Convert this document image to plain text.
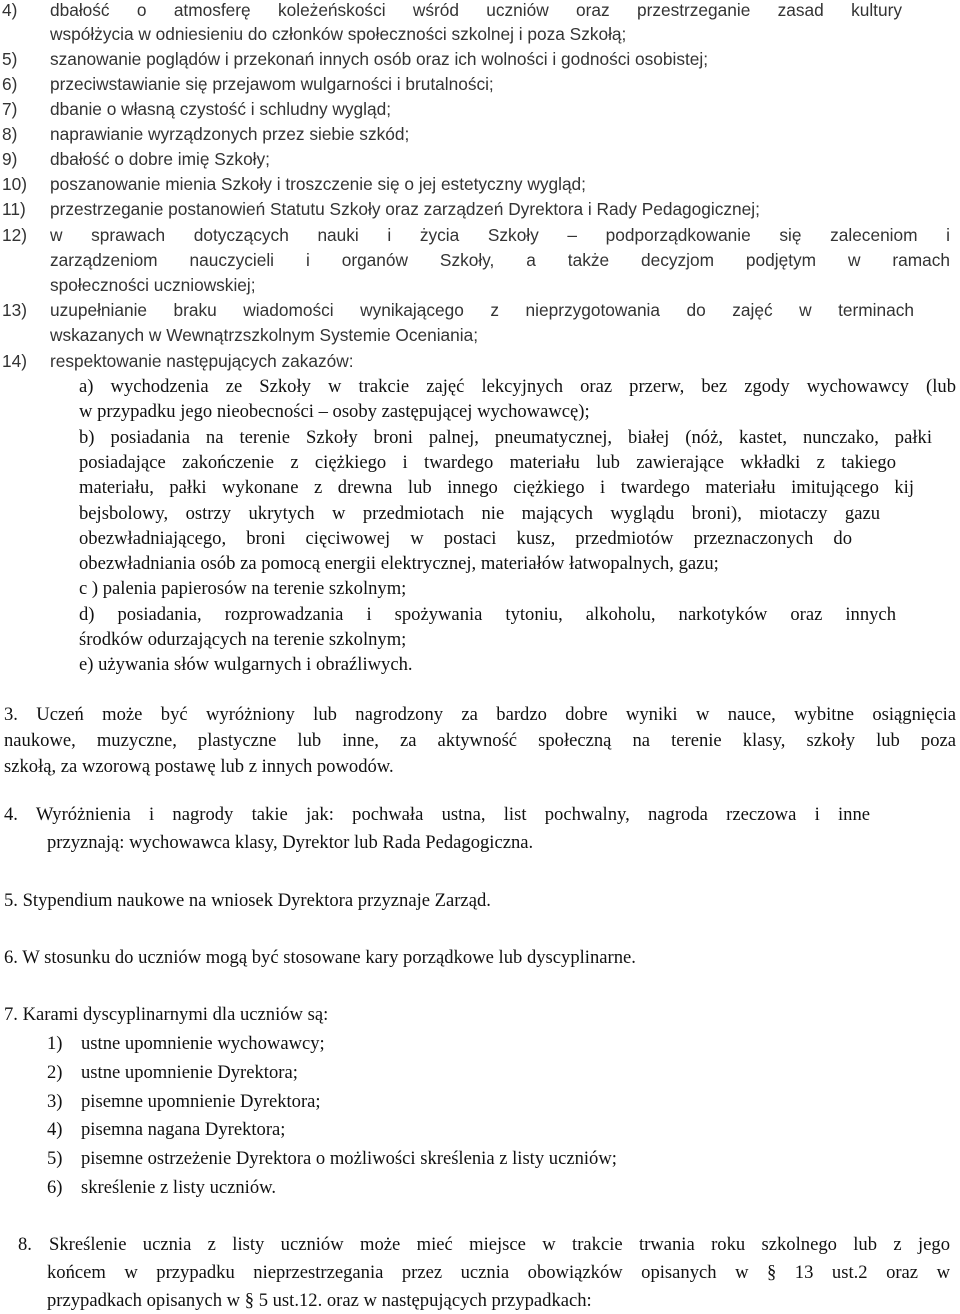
4)	dbałość o atmosferę koleżeńskości wśród uczniów oraz przestrzeganie zasad kultury
współżycia w odniesieniu do członków społeczności szkolnej i poza Szkołą;
5)	szanowanie poglądów i przekonań innych osób oraz ich wolności i godności osobistej;
6)	przeciwstawianie się przejawom wulgarności i brutalności;
7)	dbanie o własną czystość i schludny wygląd;
8)	naprawianie wyrządzonych przez siebie szkód;
9)	dbałość o dobre imię Szkoły;
10)	poszanowanie mienia Szkoły i troszczenie się o jej estetyczny wygląd;
11)	przestrzeganie postanowień Statutu Szkoły oraz zarządzeń Dyrektora i Rady Pedagogicznej;
12)	w sprawach dotyczących nauki i życia Szkoły – podporządkowanie się zaleceniom i
zarządzeniom nauczycieli i organów Szkoły, a także decyzjom podjętym w ramach
społeczności uczniowskiej;
13)	uzupełnianie braku wiadomości wynikającego z nieprzygotowania do zajęć w terminach
wskazanych w Wewnątrzszkolnym Systemie Oceniania;
14)	respektowanie następujących zakazów:
a) wychodzenia ze Szkoły w trakcie zajęć lekcyjnych oraz przerw, bez zgody wychowawcy (lub
w przypadku jego nieobecności – osoby zastępującej wychowawcę);
b) posiadania na terenie Szkoły broni palnej, pneumatycznej, białej (nóż, kastet, nunczako, pałki
posiadające zakończenie z ciężkiego i twardego materiału lub zawierające wkładki z takiego
materiału, pałki wykonane z drewna lub innego ciężkiego i twardego materiału imitującego kij
bejsbolowy, ostrzy ukrytych w przedmiotach nie mających wyglądu broni), miotaczy gazu
obezwładniającego, broni cięciwowej w postaci kusz, przedmiotów przeznaczonych do
obezwładniania osób za pomocą energii elektrycznej, materiałów łatwopalnych, gazu;
c ) palenia papierosów na terenie szkolnym;
d) posiadania, rozprowadzania i spożywania tytoniu, alkoholu, narkotyków oraz innych
środków odurzających na terenie szkolnym;
e) używania słów wulgarnych i obraźliwych.
3. Uczeń może być wyróżniony lub nagrodzony za bardzo dobre wyniki w nauce, wybitne osiągnięcia
naukowe, muzyczne, plastyczne lub inne, za aktywność społeczną na terenie klasy, szkoły lub poza
szkołą, za wzorową postawę lub z innych powodów.
4. Wyróżnienia i nagrody takie jak: pochwała ustna, list pochwalny, nagroda rzeczowa i inne
przyznają: wychowawca klasy, Dyrektor lub Rada Pedagogiczna.
5. Stypendium naukowe na wniosek Dyrektora przyznaje Zarząd.
6. W stosunku do uczniów mogą być stosowane kary porządkowe lub dyscyplinarne.
7. Karami dyscyplinarnymi dla uczniów są:
1) ustne upomnienie wychowawcy;
2) ustne upomnienie Dyrektora;
3) pisemne upomnienie Dyrektora;
4) pisemna nagana Dyrektora;
5) pisemne ostrzeżenie Dyrektora o możliwości skreślenia z listy uczniów;
6) skreślenie z listy uczniów.
8. Skreślenie ucznia z listy uczniów może mieć miejsce w trakcie trwania roku szkolnego lub z jego
końcem w przypadku nieprzestrzegania przez ucznia obowiązków opisanych w § 13 ust.2 oraz w
przypadkach opisanych w § 5 ust.12. oraz w następujących przypadkach:
